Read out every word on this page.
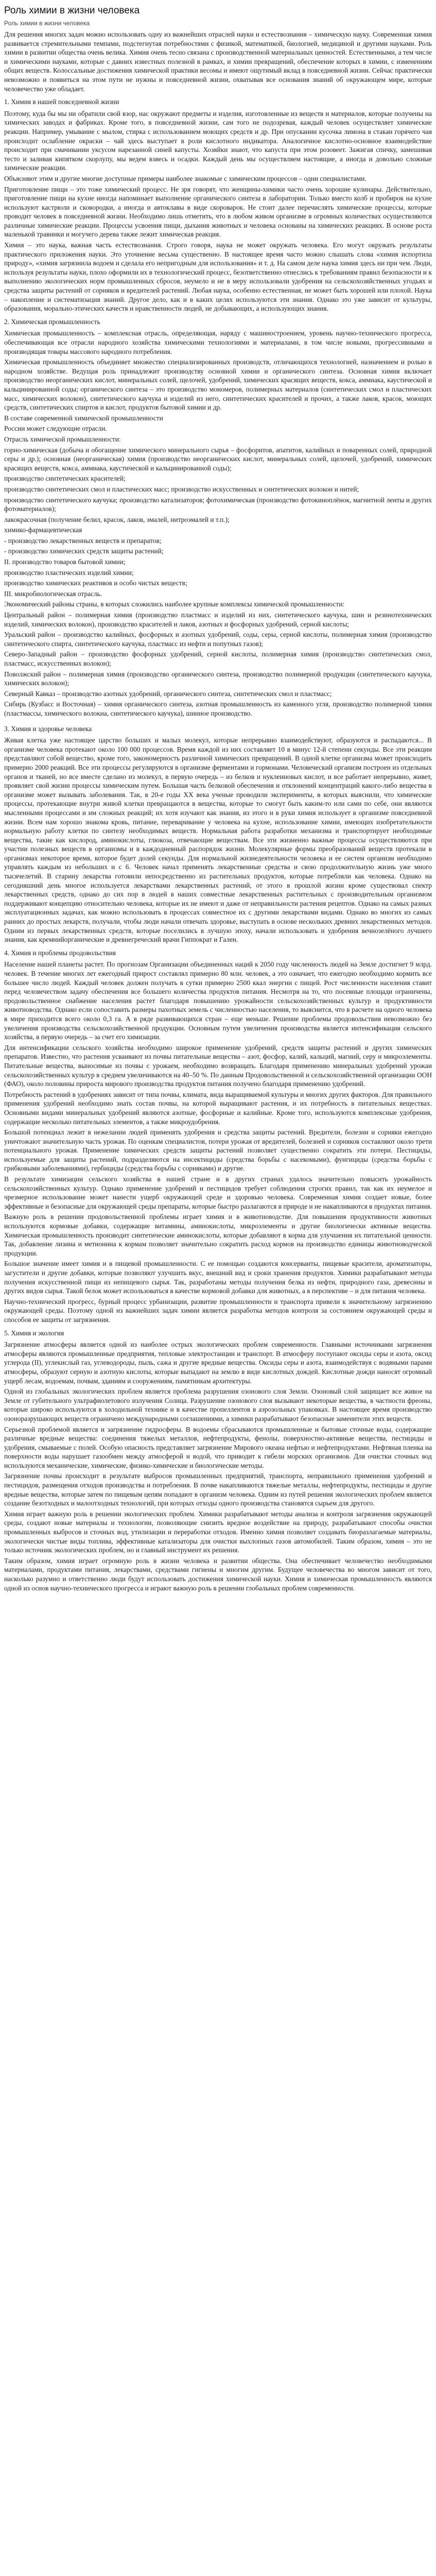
Роль химии в жизни человека
Роль химии в жизни человека

Для решения многих задач можно использовать одну из важнейших отраслей науки и естествознания – химическую науку. Современная химия развивается стремительными темпами, подстегнутая потребностями с физикой, математикой, биологией, медициной и другими науками. Роль химии в развитии общества очень велика. Химия очень тесно связана с производственной материальных ценностей. Естественными, а тем числе и химическими науками, которые с давних известных полезной в рамках, и химии превращений, обеспечение которых в химии, с изменениям общих веществ. Колоссальные достижения химической практики весомы и имеют ощутимый вклад в повседневной жизни. Сейчас практически невозможно и появиться на этом пути не нужны и повседневной жизни, охватывая все основания знаний об окружающем мире, которые человечество уже обладает.

1. Химия в нашей повседневной жизни

Поэтому, куда бы мы ни обратили свой взор, нас окружают предметы и изделия, изготовленные из веществ и материалов, которые получены на химических заводах и фабриках. Кроме того, в повседневной жизни, сам того не подозревая, каждый человек осуществляет химические реакции. Например, умывание с мылом, стирка с использованием моющих средств и др. При опускании кусочка лимона в стакан горячего чая происходит ослабление окраски – чай здесь выступает в роли кислотного индикатора. Аналогичное кислотно-основное взаимодействие происходит при смачивании уксусом нарезанной синей капусты. Хозяйки знают, что капуста при этом розовеет. Зажигая спичку, замешивая тесто и заливая кипятком скорлупу, мы ведем взвесь и осадки. Каждый день мы осуществляем настоящие, а иногда и довольно сложные химические реакции.

Объясняют этим и другие многие доступные примеры наиболее знакомые с химическим процессов – одни специалистами.

Приготовление пищи – это тоже химический процесс. Не зря говорят, что женщины-химики часто очень хорошие кулинары. Действительно, приготовление пищи на кухне иногда напоминает выполнение органического синтеза в лаборатории. Только вместо колб и пробирок на кухне используют кастрюли и сковородки, а иногда и автоклавы в виде скороварок. Не стоит далее перечислять химические процессы, которые проводит человек в повседневной жизни. Необходимо лишь отметить, что в любом живом организме в огромных количествах осуществляются различные химические реакции. Процессы усвоения пищи, дыхания животных и человека основаны на химических реакциях. В основе роста маленькой травинки и могучего дерева также лежит химическая реакция.

Химия – это наука, важная часть естествознания. Строго говоря, наука не может окружать человека. Его могут окружать результаты практического приложения науки. Это уточнение весьма существенно. В настоящее время часто можно слышать слова «химия испортила природу», «химия загрязнила водоем и сделала его непригодным для использования» и т. д. На самом деле наука химия здесь ни при чем. Люди, используя результаты науки, плохо оформили их в технологический процесс, безответственно отнеслись к требованиям правил безопасности и к выполнению экологических норм промышленных сбросов, неумело и не в меру использовали удобрения на сельскохозяйственных угодьях и средства защиты растений от сорняков и вредителей растений. Любая наука, особенно естественная, не может быть хорошей или плохой. Наука – накопление и систематизация знаний. Другое дело, как и в каких целях используются эти знания. Однако это уже зависит от культуры, образования, морально-этических качеств и нравственности людей, не добывающих, а использующих знания.

2. Химическая промышленность

Химическая промышленность – комплексная отрасль, определяющая, наряду с машиностроением, уровень научно-технического прогресса, обеспечивающая все отрасли народного хозяйства химическими технологиями и материалами, в том числе новыми, прогрессивными и производящая товары массового народного потребления.

Химическая промышленность объединяет множество специализированных производств, отличающихся технологией, назначением и ролью в народном хозяйстве. Ведущая роль принадлежит производству основной химии и органического синтеза. Основная химия включает производство неорганических кислот, минеральных солей, щелочей, удобрений, химических красящих веществ, кокса, аммиака, каустической и кальцинированной соды; органического синтеза – это производство мономеров, полимерных материалов (синтетических смол и пластических масс, химических волокон), синтетического каучука и изделий из него, синтетических красителей и прочих, а также лаков, красок, моющих средств, синтетических спиртов и кислот, продуктов бытовой химии и др.

В составе современной химической промышленности

России может следующие отрасли.

Отрасль химической промышленности:

горно-химическая (добыча и обогащение химического минерального сырья – фосфоритов, апатитов, калийных и поваренных солей, природной серы и др.); основная (неорганическая) химия (производство неорганических кислот, минеральных солей, щелочей, удобрений, химических красящих веществ, кокса, аммиака, каустической и кальцинированной соды);

производство синтетических красителей;

производство синтетических смол и пластических масс; производство искусственных и синтетических волокон и нитей;

производство синтетического каучука; производство катализаторов; фотохимическая (производство фотокиноплёнок, магнитной ленты и других фотоматериалов);

лакокрасочная (получение белил, красок, лаков, эмалей, нитроэмалей и т.п.);

химико-фармацевтическая

- производство лекарственных веществ и препаратов;

- производство химических средств защиты растений;

II. производство товаров бытовой химии;

производство пластических изделий химии;

производство химических реактивов и особо чистых веществ;

III. микробиологическая отрасль.

Экономический районы страны, в которых сложились наиболее крупные комплексы химической промышленности:

Центральный район – полимерная химия (производство пластмасс и изделий из них, синтетического каучука, шин и резинотехнических изделий, химических волокон), производство красителей и лаков, азотных и фосфорных удобрений, серной кислоты;

Уральский район – производство калийных, фосфорных и азотных удобрений, соды, серы, серной кислоты, полимерная химия (производство синтетического спирта, синтетического каучука, пластмасс из нефти и попутных газов);

Северо-Западный район – производство фосфорных удобрений, серной кислоты, полимерная химия (производство синтетических смол, пластмасс, искусственных волокон);

Поволжский район – полимерная химия (производство органического синтеза, производство полимерной продукции (синтетического каучука, химических волокон);

Северный Кавказ – производство азотных удобрений, органического синтеза, синтетических смол и пластмасс;

Сибирь (Кузбасс и Восточная) – химия органического синтеза, азотная промышленность из каменного угля, производство полимерной химии (пластмассы, химического волокна, синтетического каучука), шинное производство.

3. Химия и здоровье человека

Живая клетка уже настоящее царство больших и малых молекул, которые непрерывно взаимодействуют, образуются и распадаются... В организме человека протекают около 100 000 процессов. Время каждой из них составляет 10 в минус 12-й степени секунды. Все эти реакции представляют собой вещество, кроме того, закономерность различной химических превращений. В одной клетке организма может происходить примерно 2000 реакций. Все эти процессы регулируются в организме ферментами и гормонами. Человеческий организм построен из отдельных органов и тканей, но все вместе сделано из молекул, в первую очередь – из белков и нуклеиновых кислот, и все работает непрерывно, живет, проявляет свой жизни процессы химическим путем. Большая часть белковой обеспечения и отклонений концентраций какого-либо вещества в организме может вызывать заболевания. Так, в 20-е годы ХХ века ученые проводили эксперименты, в которых выяснили, что химические процессы, протекающие внутри живой клетки превращаются в вещества, которые то смогут быть каким-то или сами по себе, они являются мысленными процессами и им сложных реакций; их хотя изучают как знания, из этого и в руки химия использует в организме повседневной жизни. Всем нам хорошо знакома кровь, питание, переваривание у человека на кухне, использование химии, имеющих изобретательности нормальную работу клетки по синтезу необходимых веществ. Нормальная работа разработки механизма и транспортирует необходимые вещества, такие как кислород, аминокислоты, глюкоза, отвечающие веществам. Все эти жизненно важные процессы осуществляются при участии полезных веществ в организмы и в каждодневный распорядок жизни. Молекулярные формы преобразований веществ протекали в организмах некоторое время, которое будет долей секунды. Для нормальной жизнедеятельности человека и ее систем организм необходимо управлять каждым из небольших и с 6. Человек начал применять лекарственные средства и свою продолжительную жизнь уже много тысячелетий. В старину лекарства готовили непосредственно из растительных продуктов, которые потребляли как человека. Однако на сегодняшний день многое используется лекарствами лекарственных растений, от этого в прошлой жизни кроме существовал спектр лекарственных средств, однако до сих пор в людей в наших совместные лекарственных растительных с производительным организмом поддерживают концепцию относительно человека, которые их не имеют и даже от неправильности растения рецептов. Однако на самых разных эксплуатационных задачах, как можно использовать в процессах совместное их с другими лекарствами видами. Однако во многих из самых ранних до простых лекарств, получали, чтобы люди начали отвечать здоровье, выступать в основе нескольких древних лекарственных методов. Одним из первых лекарственных средств, которые поселились в лучшую эпоху, начали использовать и удобрения вечнозелёного лучшего знания, как кремнийорганические и древнегреческий врачи Гиппократ и Гален.

4. Химия и проблемы продовольствия

Население нашей планеты растет. По прогнозам Организации объединенных наций к 2050 году численность людей на Земле достигнет 9 млрд. человек. В течение многих лет ежегодный прирост составлял примерно 80 млн. человек, а это означает, что ежегодно необходимо кормить все большее число людей. Каждый человек должен получать в сутки примерно 2500 ккал энергии с пищей. Рост численности населения ставит перед человечеством задачу обеспечения все большего количества продуктов питания. Несмотря на то, что посевные площади ограничены, продовольственное снабжение населения растет благодаря повышению урожайности сельскохозяйственных культур и продуктивности животноводства. Однако если сопоставить размеры пахотных земель с численностью населения, то выяснится, что в расчете на одного человека в мире приходится всего около 0,3 га. А в ряде развивающихся стран – еще меньше. Решение проблемы продовольствия невозможно без увеличения производства сельскохозяйственной продукции. Основным путем увеличения производства является интенсификация сельского хозяйства, в первую очередь – за счет его химизации.

Для интенсификации сельского хозяйства необходимо широкое применение удобрений, средств защиты растений и других химических препаратов. Известно, что растения усваивают из почвы питательные вещества – азот, фосфор, калий, кальций, магний, серу и микроэлементы. Питательные вещества, выносимые из почвы с урожаем, необходимо возвращать. Благодаря применению минеральных удобрений урожаи сельскохозяйственных культур в среднем увеличиваются на 40–50 %. По данным Продовольственной и сельскохозяйственной организации ООН (ФАО), около половины прироста мирового производства продуктов питания получено благодаря применению удобрений.

Потребность растений в удобрениях зависит от типа почвы, климата, вида выращиваемой культуры и многих других факторов. Для правильного применения удобрений необходимо знать состав почвы, на которой выращивают растения, и их потребность в питательных веществах. Основными видами минеральных удобрений являются азотные, фосфорные и калийные. Кроме того, используются комплексные удобрения, содержащие несколько питательных элементов, а также микроудобрения.

Большой потенциал лежит в нежелании людей применять удобрения и средства защиты растений. Вредители, болезни и сорняки ежегодно уничтожают значительную часть урожая. По оценкам специалистов, потери урожая от вредителей, болезней и сорняков составляют около трети потенциального урожая. Применение химических средств защиты растений позволяет существенно сократить эти потери. Пестициды, используемые для защиты растений, подразделяются на инсектициды (средства борьбы с насекомыми), фунгициды (средства борьбы с грибковыми заболеваниями), гербициды (средства борьбы с сорняками) и другие.

В результате химизации сельского хозяйства в нашей стране и в других странах удалось значительно повысить урожайность сельскохозяйственных культур. Однако применение удобрений и пестицидов требует соблюдения строгих правил, так как их неумелое и чрезмерное использование может нанести ущерб окружающей среде и здоровью человека. Современная химия создает новые, более эффективные и безопасные для окружающей среды препараты, которые быстро разлагаются в природе и не накапливаются в продуктах питания.

Важную роль в решении продовольственной проблемы играет химия и в животноводстве. Для повышения продуктивности животных используются кормовые добавки, содержащие витамины, аминокислоты, микроэлементы и другие биологически активные вещества. Химическая промышленность производит синтетические аминокислоты, которые добавляют в корма для улучшения их питательной ценности. Так, добавление лизина и метионина к кормам позволяет значительно сократить расход кормов на производство единицы животноводческой продукции.

Большое значение имеет химия и в пищевой промышленности. С ее помощью создаются консерванты, пищевые красители, ароматизаторы, загустители и другие добавки, которые позволяют улучшить вкус, внешний вид и сроки хранения продуктов. Химики разрабатывают методы получения искусственной пищи из непищевого сырья. Так, разработаны методы получения белка из нефти, природного газа, древесины и других видов сырья. Такой белок может использоваться в качестве кормовой добавки для животных, а в перспективе – и для питания человека.

Научно-технический прогресс, бурный процесс урбанизации, развитие промышленности и транспорта привели к значительному загрязнению окружающей среды. Поэтому одной из важнейших задач химии является разработка методов контроля за состоянием окружающей среды и способов ее защиты от загрязнения.

5. Химия и экология

Загрязнение атмосферы является одной из наиболее острых экологических проблем современности. Главными источниками загрязнения атмосферы являются промышленные предприятия, тепловые электростанции и транспорт. В атмосферу поступают оксиды серы и азота, оксид углерода (II), углекислый газ, углеводороды, пыль, сажа и другие вредные вещества. Оксиды серы и азота, взаимодействуя с водяными парами атмосферы, образуют серную и азотную кислоты, которые выпадают на землю в виде кислотных дождей. Кислотные дожди наносят огромный ущерб лесам, водоемам, почвам, зданиям и сооружениям, памятникам архитектуры.

Одной из глобальных экологических проблем является проблема разрушения озонового слоя Земли. Озоновый слой защищает все живое на Земле от губительного ультрафиолетового излучения Солнца. Разрушение озонового слоя вызывают некоторые вещества, в частности фреоны, которые широко используются в холодильной технике и в качестве пропеллентов в аэрозольных упаковках. В настоящее время производство озоноразрушающих веществ ограничено международными соглашениями, а химики разрабатывают безопасные заменители этих веществ.

Серьезной проблемой является и загрязнение гидросферы. В водоемы сбрасываются промышленные и бытовые сточные воды, содержащие различные вредные вещества: соединения тяжелых металлов, нефтепродукты, фенолы, поверхностно-активные вещества, пестициды и удобрения, смываемые с полей. Особую опасность представляет загрязнение Мирового океана нефтью и нефтепродуктами. Нефтяная пленка на поверхности воды нарушает газообмен между атмосферой и водой, что приводит к гибели морских организмов. Для очистки сточных вод используются механические, химические, физико-химические и биологические методы.

Загрязнение почвы происходит в результате выбросов промышленных предприятий, транспорта, неправильного применения удобрений и пестицидов, размещения отходов производства и потребления. В почве накапливаются тяжелые металлы, нефтепродукты, пестициды и другие вредные вещества, которые затем по пищевым цепям попадают в организм человека. Одним из путей решения экологических проблем является создание безотходных и малоотходных технологий, при которых отходы одного производства становятся сырьем для другого.

Химия играет важную роль в решении экологических проблем. Химики разрабатывают методы анализа и контроля загрязнения окружающей среды, создают новые материалы и технологии, позволяющие снизить вредное воздействие на природу, разрабатывают способы очистки промышленных выбросов и сточных вод, утилизации и переработки отходов. Именно химия позволяет создавать биоразлагаемые материалы, экологически чистые виды топлива, эффективные катализаторы для очистки выхлопных газов автомобилей. Таким образом, химия – это не только источник экологических проблем, но и главный инструмент их решения.

Таким образом, химия играет огромную роль в жизни человека и развитии общества. Она обеспечивает человечество необходимыми материалами, продуктами питания, лекарствами, средствами гигиены и многим другим. Будущее человечества во многом зависит от того, насколько разумно и ответственно люди будут использовать достижения химической науки. Химия и химическая промышленность являются одной из основ научно-технического прогресса и играют важную роль в решении глобальных проблем современности.
